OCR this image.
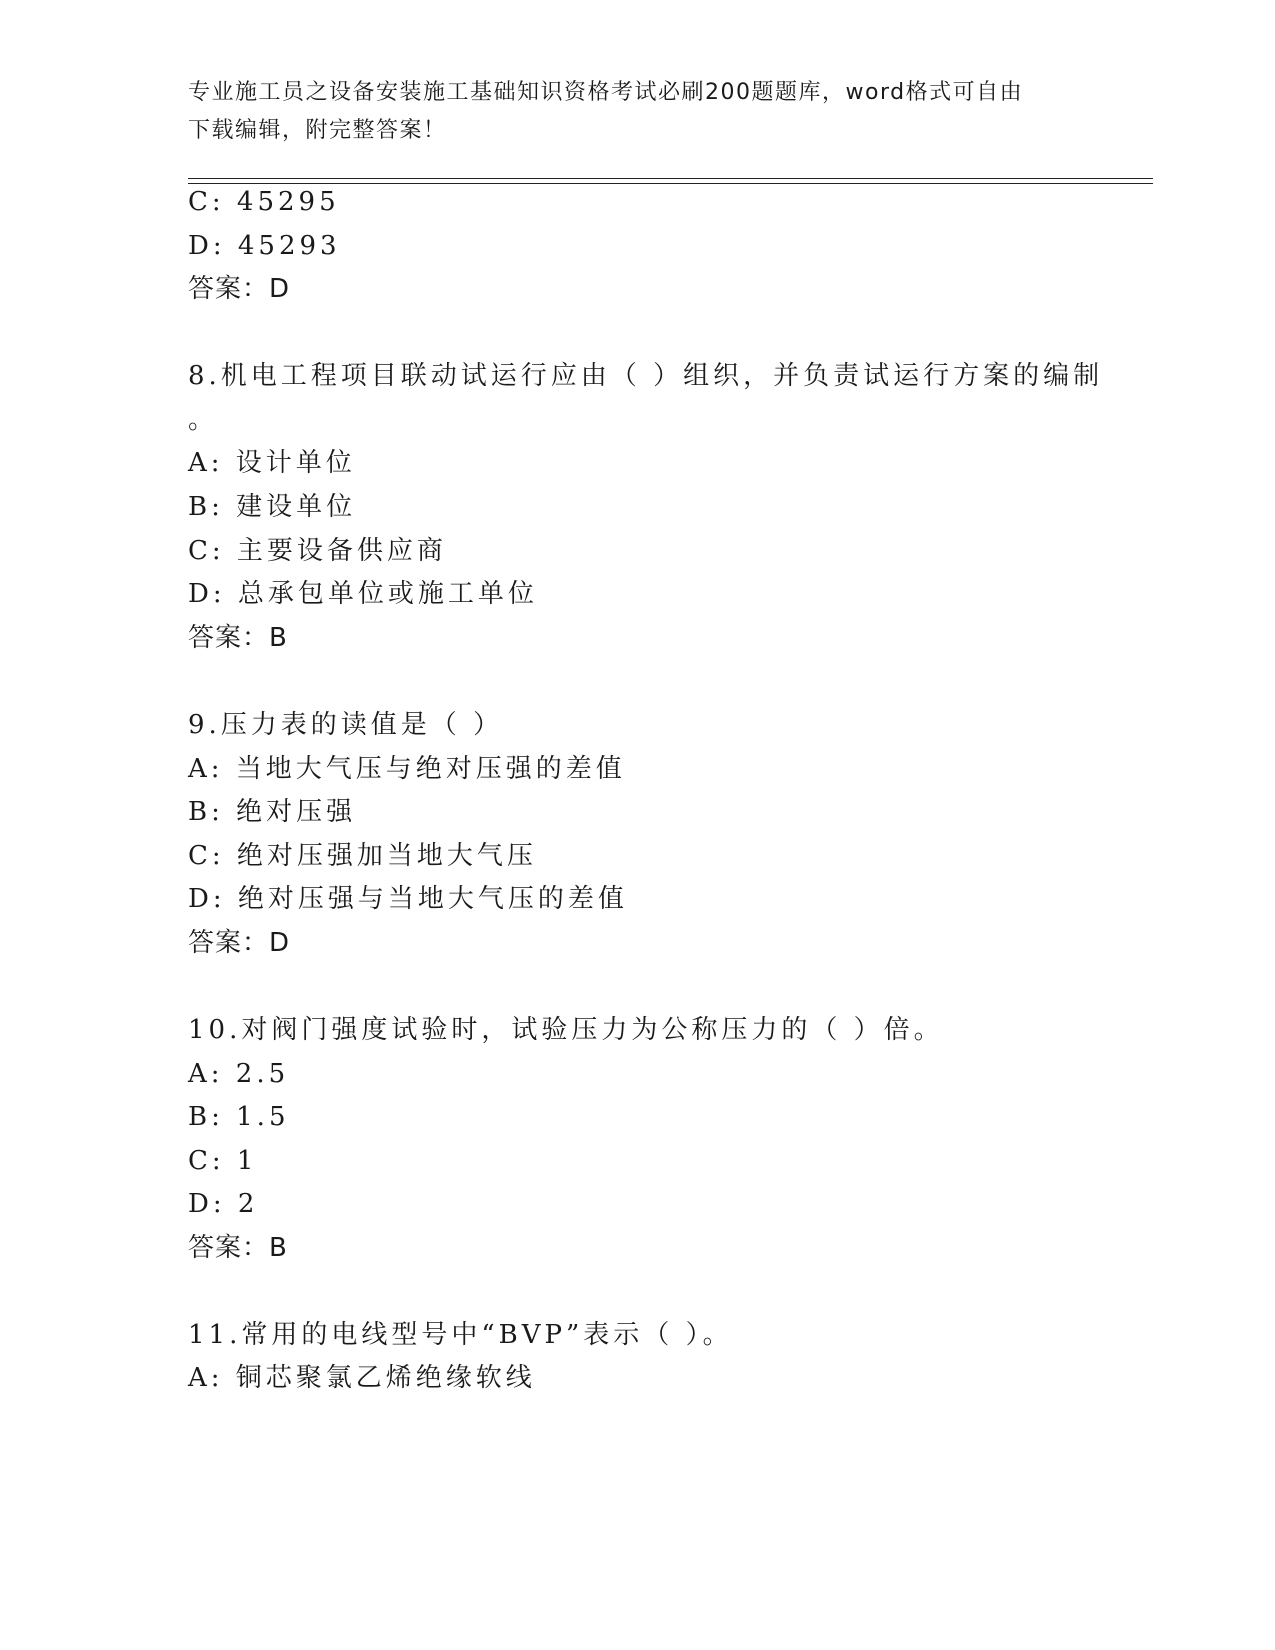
专业施工员之设备安装施工基础知识资格考试必刷200题题库，word格式可自由
下载编辑，附完整答案！
C: 45295
D: 45293
答案：D
8.机电工程项目联动试运行应由（ ）组织，并负责试运行方案的编制
。
A: 设计单位
B: 建设单位
C: 主要设备供应商
D: 总承包单位或施工单位
答案：B
9.压力表的读值是（ ）
A: 当地大气压与绝对压强的差值
B: 绝对压强
C: 绝对压强加当地大气压
D: 绝对压强与当地大气压的差值
答案：D
10.对阀门强度试验时，试验压力为公称压力的（ ）倍。
A: 2.5
B: 1.5
C: 1
D: 2
答案：B
11.常用的电线型号中“BVP”表示（ ）。
A: 铜芯聚氯乙烯绝缘软线
